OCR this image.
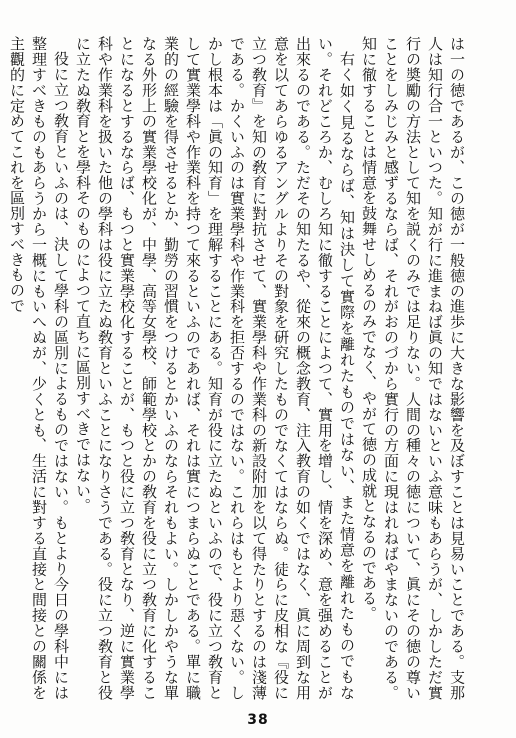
は一の徳であるが、この徳が一般徳の進歩に大きな影響を及ぼすことは見易いことである。支那人は知行合一といつた。知が行に進まねば眞の知ではないといふ意味もあらうが、しかしただ實行の奬勵の方法として知を説くのみでは足りない。人間の種々の徳について、眞にその徳の尊いことをしみじみと感ずるならば、それがおのづから實行の方面に現はれねばやまないのである。知に徹することは情意を鼓舞せしめるのみでなく、やがて徳の成就となるのである。

右く如く見るならば、知は決して實際を離れたものではない、また情意を離れたものでもない。それどころか、むしろ知に徹することによつて、實用を增し、情を深め、意を强めることが出來るのである。ただその知たるや、從來の概念教育、注入教育の如くではなく、眞に周到な用意を以てあらゆるアングルよりその對象を硏究したものでなくてはならぬ。徒らに皮相な『役に立つ敎育』を知の敎育に對抗させて、實業學科や作業科の新設附加を以て得たりとするのは淺薄である。かくいふのは實業學科や作業科を拒否するのではない。これらはもとより惡くない。しかし根本は「眞の知育」を理解することにある。知育が役に立たぬといふので、役に立つ敎育として實業學科や作業科を持つて來るといふのであれば、それは實につまらぬことである。單に職業的の經驗を得させるとか、勤勞の習慣をつけるとかいふのならそれもよい。しかしかやうな單なる外形上の實業學校化が、中學、高等女學校、師範學校とかの敎育を役に立つ敎育に化することになるとするならば、もつと實業學校化することが、もつと役に立つ敎育となり、逆に實業學科や作業科を扱いた他の學科は役に立たぬ敎育といふことになりさうである。役に立つ敎育と役に立たぬ敎育とを學科そのものによつて直ちに區別すべきではない。

役に立つ敎育といふのは、決して學科の區別によるものではない。もとより今日の學科中には整理すべきものもあらうから一概にもいへぬが、少くとも、生活に對する直接と間接との關係を主觀的に定めてこれを區別すべきもので

38
